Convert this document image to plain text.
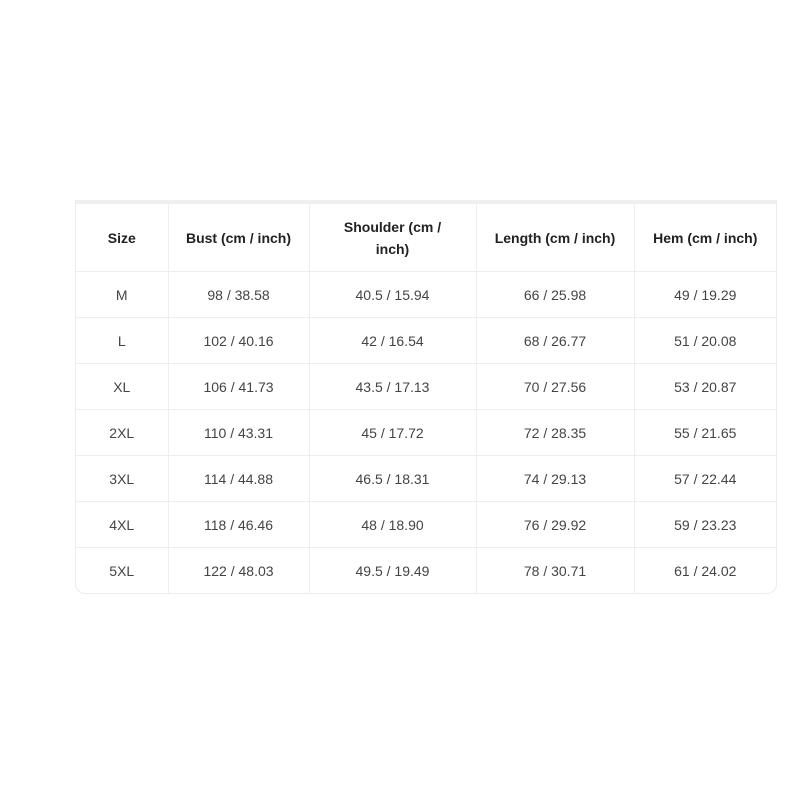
Size	Bust (cm / inch)	Shoulder (cm / inch)	Length (cm / inch)	Hem (cm / inch)
M	98 / 38.58	40.5 / 15.94	66 / 25.98	49 / 19.29
L	102 / 40.16	42 / 16.54	68 / 26.77	51 / 20.08
XL	106 / 41.73	43.5 / 17.13	70 / 27.56	53 / 20.87
2XL	110 / 43.31	45 / 17.72	72 / 28.35	55 / 21.65
3XL	114 / 44.88	46.5 / 18.31	74 / 29.13	57 / 22.44
4XL	118 / 46.46	48 / 18.90	76 / 29.92	59 / 23.23
5XL	122 / 48.03	49.5 / 19.49	78 / 30.71	61 / 24.02
